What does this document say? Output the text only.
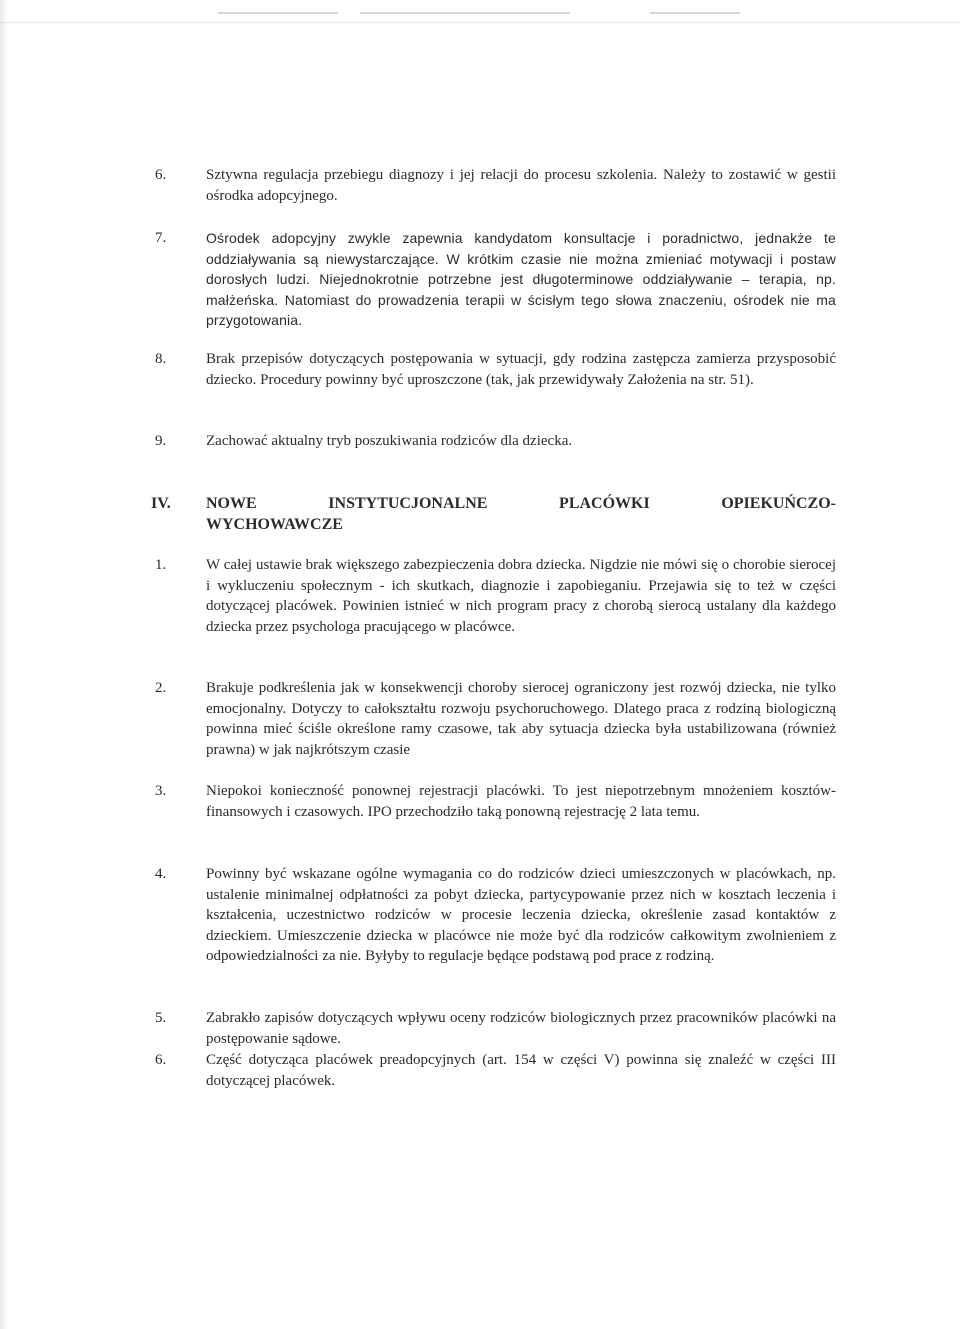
6.	Sztywna regulacja przebiegu diagnozy i jej relacji do procesu szkolenia. Należy to zostawić w gestii ośrodka adopcyjnego.
7.	Ośrodek adopcyjny zwykle zapewnia kandydatom konsultacje i poradnictwo, jednakże te oddziaływania są niewystarczające. W krótkim czasie nie można zmieniać motywacji i postaw dorosłych ludzi. Niejednokrotnie potrzebne jest długoterminowe oddziaływanie – terapia, np. małżeńska. Natomiast do prowadzenia terapii w ścisłym tego słowa znaczeniu, ośrodek nie ma przygotowania.
8.	Brak przepisów dotyczących postępowania w sytuacji, gdy rodzina zastępcza zamierza przysposobić dziecko. Procedury powinny być uproszczone (tak, jak przewidywały Założenia na str. 51).
9.	Zachować aktualny tryb poszukiwania rodziców dla dziecka.
IV. NOWE INSTYTUCJONALNE PLACÓWKI OPIEKUŃCZO-
WYCHOWAWCZE
1.	W całej ustawie brak większego zabezpieczenia dobra dziecka. Nigdzie nie mówi się o chorobie sierocej i wykluczeniu społecznym - ich skutkach, diagnozie i zapobieganiu. Przejawia się to też w części dotyczącej placówek. Powinien istnieć w nich program pracy z chorobą sierocą ustalany dla każdego dziecka przez psychologa pracującego w placówce.
2.	Brakuje podkreślenia jak w konsekwencji choroby sierocej ograniczony jest rozwój dziecka, nie tylko emocjonalny. Dotyczy to całokształtu rozwoju psychoruchowego. Dlatego praca z rodziną biologiczną powinna mieć ściśle określone ramy czasowe, tak aby sytuacja dziecka była ustabilizowana (również prawna) w jak najkrótszym czasie
3.	Niepokoi konieczność ponownej rejestracji placówki. To jest niepotrzebnym mnożeniem kosztów- finansowych i czasowych. IPO przechodziło taką ponowną rejestrację 2 lata temu.
4.	Powinny być wskazane ogólne wymagania co do rodziców dzieci umieszczonych w placówkach, np. ustalenie minimalnej odpłatności za pobyt dziecka, partycypowanie przez nich w kosztach leczenia i kształcenia, uczestnictwo rodziców w procesie leczenia dziecka, określenie zasad kontaktów z dzieckiem. Umieszczenie dziecka w placówce nie może być dla rodziców całkowitym zwolnieniem z odpowiedzialności za nie. Byłyby to regulacje będące podstawą pod prace z rodziną.
5.	Zabrakło zapisów dotyczących wpływu oceny rodziców biologicznych przez pracowników placówki na postępowanie sądowe.
6.	Część dotycząca placówek preadopcyjnych (art. 154 w części V) powinna się znaleźć w części III dotyczącej placówek.
